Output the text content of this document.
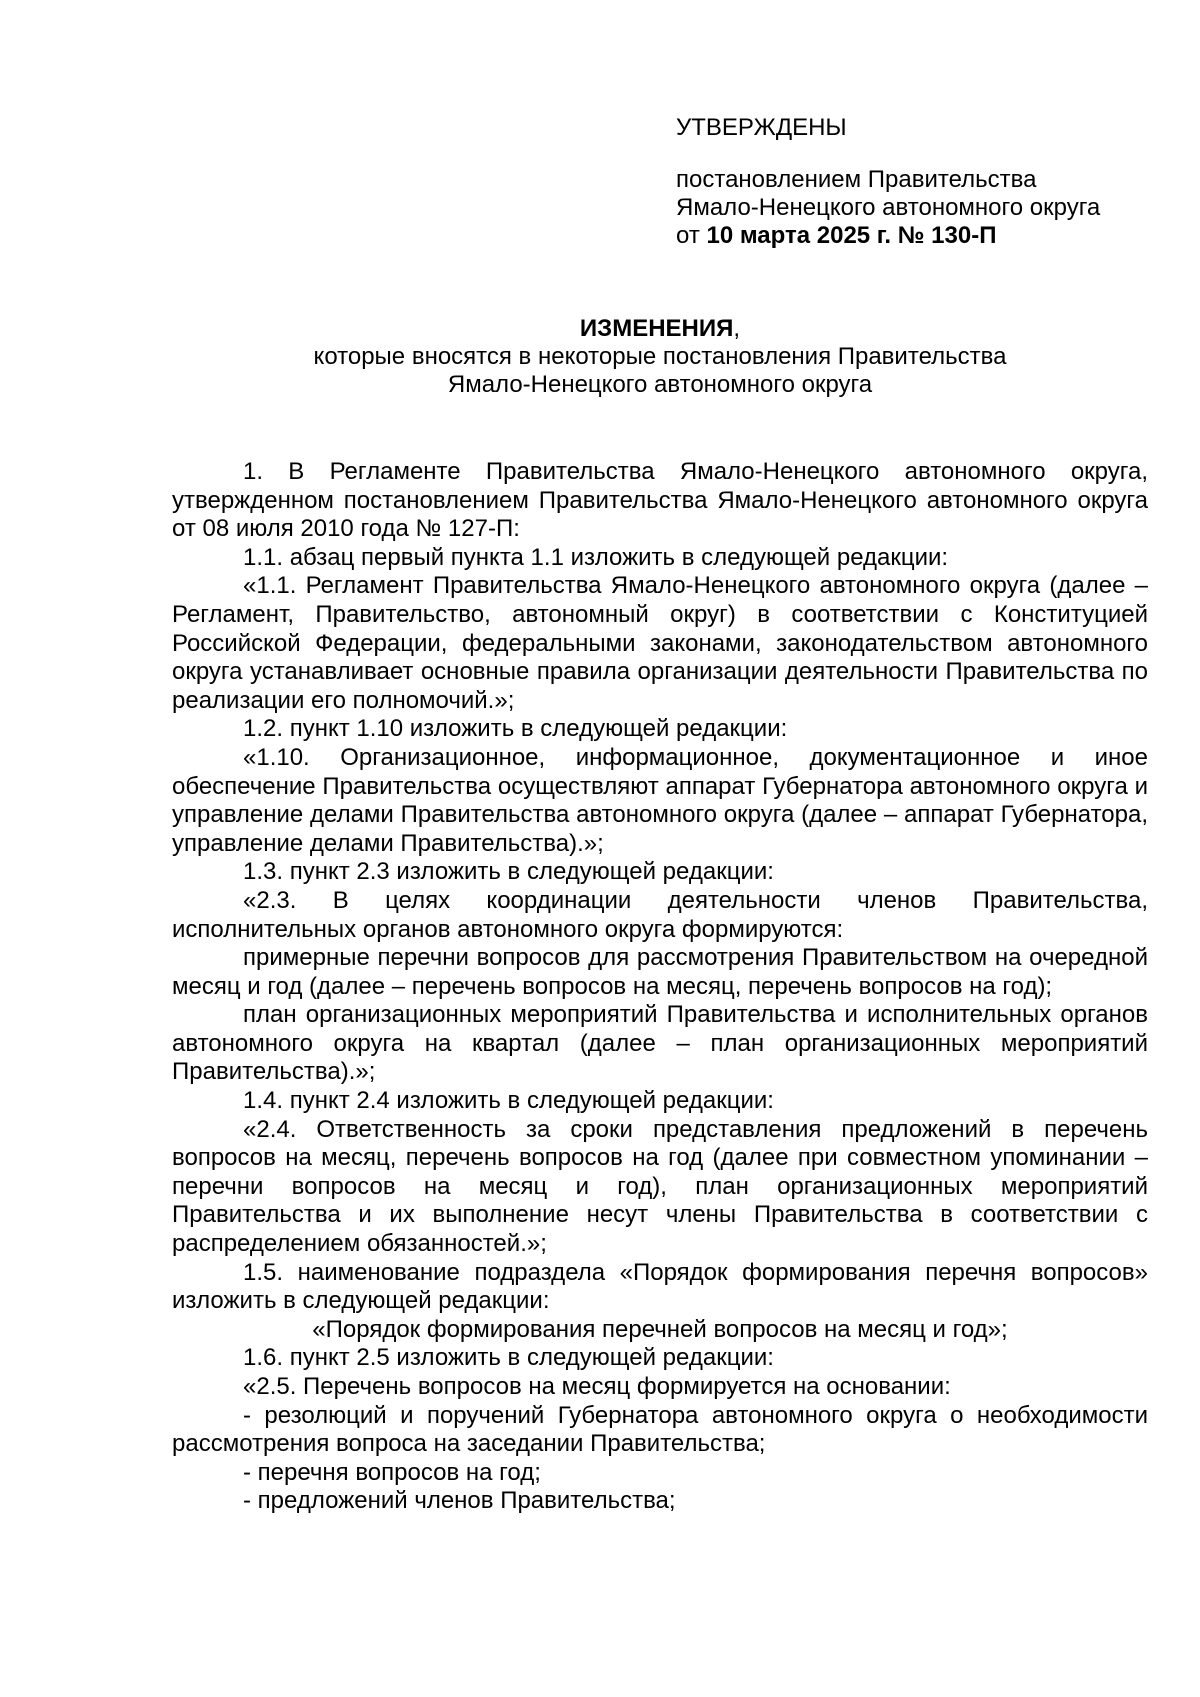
УТВЕРЖДЕНЫ
постановлением Правительства
Ямало-Ненецкого автономного округа
от 10 марта 2025 г. № 130-П
ИЗМЕНЕНИЯ,
которые вносятся в некоторые постановления Правительства
Ямало-Ненецкого автономного округа

1. В Регламенте Правительства Ямало-Ненецкого автономного округа, утвержденном постановлением Правительства Ямало-Ненецкого автономного округа от 08 июля 2010 года № 127-П:

1.1. абзац первый пункта 1.1 изложить в следующей редакции:

«1.1. Регламент Правительства Ямало-Ненецкого автономного округа (далее – Регламент, Правительство, автономный округ) в соответствии с Конституцией Российской Федерации, федеральными законами, законодательством автономного округа устанавливает основные правила организации деятельности Правительства по реализации его полномочий.»;

1.2. пункт 1.10 изложить в следующей редакции:

«1.10. Организационное, информационное, документационное и иное обеспечение Правительства осуществляют аппарат Губернатора автономного округа и управление делами Правительства автономного округа (далее – аппарат Губернатора, управление делами Правительства).»;

1.3. пункт 2.3 изложить в следующей редакции:

«2.3. В целях координации деятельности членов Правительства, исполнительных органов автономного округа формируются:

примерные перечни вопросов для рассмотрения Правительством на очередной месяц и год (далее – перечень вопросов на месяц, перечень вопросов на год);

план организационных мероприятий Правительства и исполнительных органов автономного округа на квартал (далее – план организационных мероприятий Правительства).»;

1.4. пункт 2.4 изложить в следующей редакции:

«2.4. Ответственность за сроки представления предложений в перечень вопросов на месяц, перечень вопросов на год (далее при совместном упоминании – перечни вопросов на месяц и год), план организационных мероприятий Правительства и их выполнение несут члены Правительства в соответствии с распределением обязанностей.»;

1.5. наименование подраздела «Порядок формирования перечня вопросов» изложить в следующей редакции:

«Порядок формирования перечней вопросов на месяц и год»;

1.6. пункт 2.5 изложить в следующей редакции:

«2.5. Перечень вопросов на месяц формируется на основании:

- резолюций и поручений Губернатора автономного округа о необходимости рассмотрения вопроса на заседании Правительства;

- перечня вопросов на год;

- предложений членов Правительства;
